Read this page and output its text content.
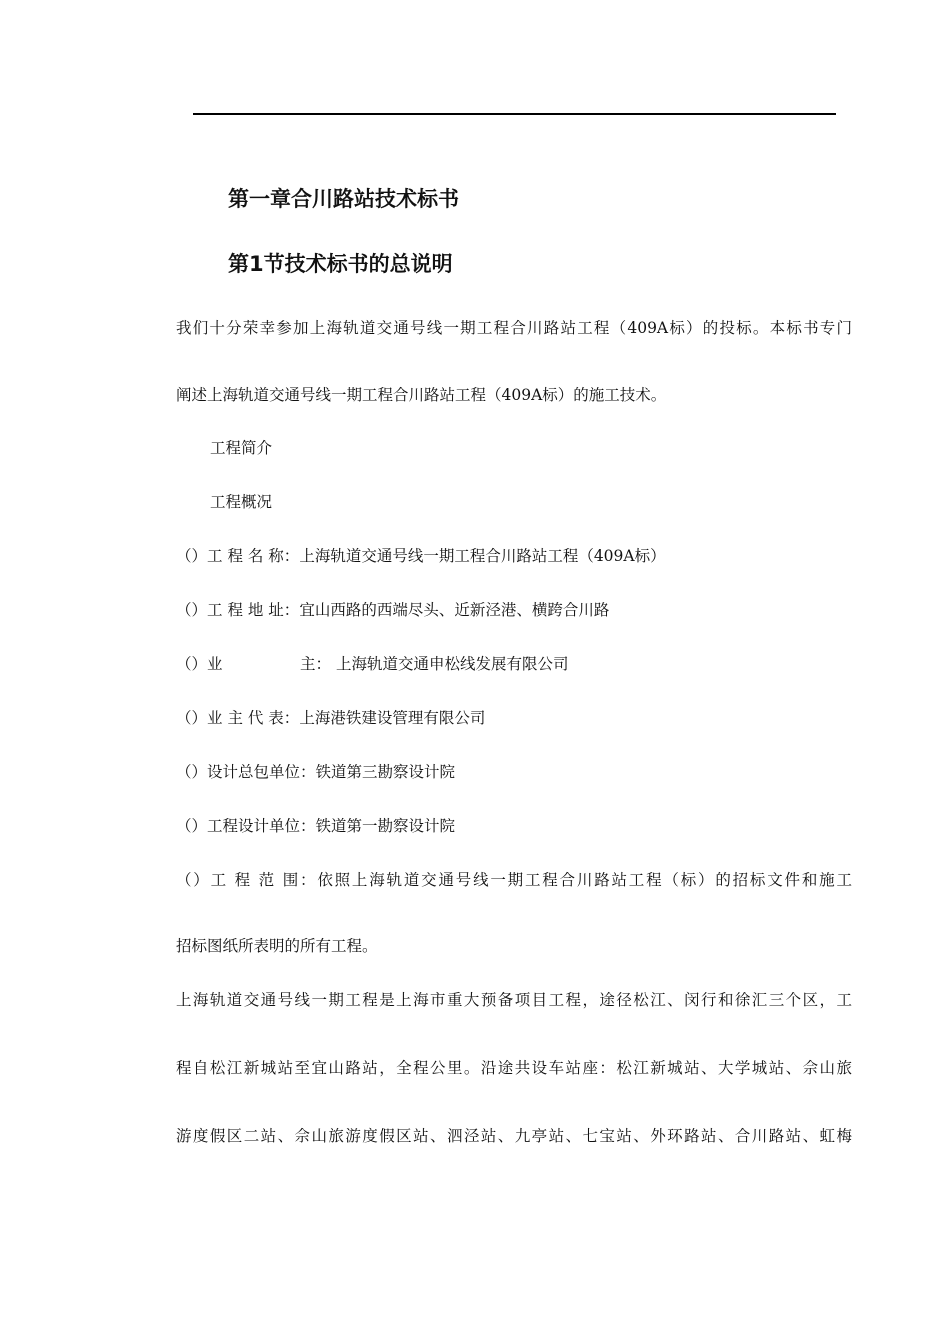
第一章合川路站技术标书
第1节技术标书的总说明
我们十分荣幸参加上海轨道交通号线一期工程合川路站工程（409A标）的投标。本标书专门
阐述上海轨道交通号线一期工程合川路站工程（409A标）的施工技术。
工程简介
工程概况
（）工 程 名 称：上海轨道交通号线一期工程合川路站工程（409A标）
（）工 程 地 址：宜山西路的西端尽头、近新泾港、横跨合川路
（）业　　　　　主： 上海轨道交通申松线发展有限公司
（）业 主 代 表：上海港铁建设管理有限公司
（）设计总包单位：铁道第三勘察设计院
（）工程设计单位：铁道第一勘察设计院
（）工 程 范 围：依照上海轨道交通号线一期工程合川路站工程（标）的招标文件和施工
招标图纸所表明的所有工程。
上海轨道交通号线一期工程是上海市重大预备项目工程，途径松江、闵行和徐汇三个区，工
程自松江新城站至宜山路站，全程公里。沿途共设车站座：松江新城站、大学城站、佘山旅
游度假区二站、佘山旅游度假区站、泗泾站、九亭站、七宝站、外环路站、合川路站、虹梅
